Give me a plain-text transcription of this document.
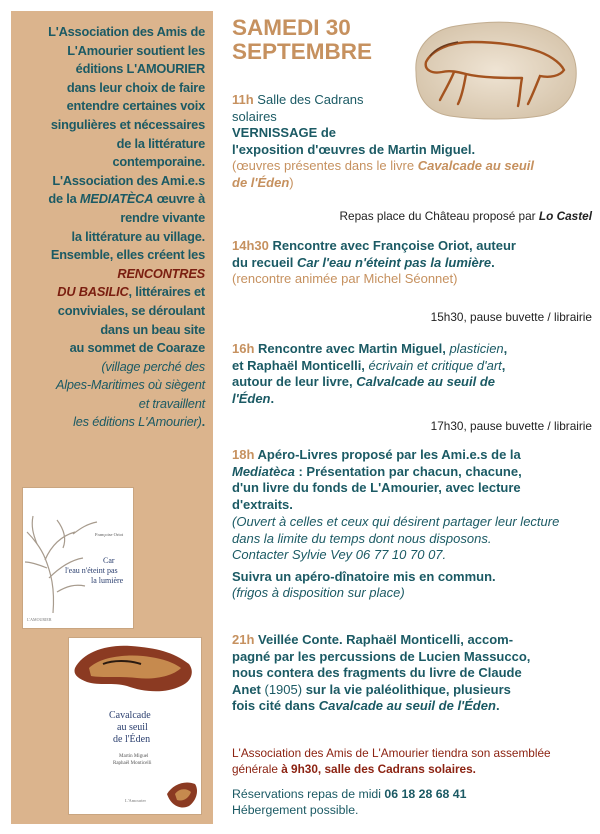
L'Association des Amis de
L'Amourier soutient les
éditions L'AMOURIER
dans leur choix de faire
entendre certaines voix
singulières et nécessaires
de la littérature
contemporaine.
L'Association des Ami.e.s
de la MEDIATÈCA œuvre à
rendre vivante
la littérature au village.
Ensemble, elles créent les
RENCONTRES
DU BASILIC, littéraires et
conviviales, se déroulant
dans un beau site
au sommet de Coaraze
(village perché des
Alpes-Maritimes où siègent
et travaillent
les éditions L'Amourier).
Françoise Oriot
Car
l'eau n'éteint pas
la lumière
L'AMOURIER
Cavalcade
au seuil
de l'Éden
Martin Miguel
Raphaël Monticelli
L'Amourier
SAMEDI 30
SEPTEMBRE
11h Salle des Cadrans
solaires
VERNISSAGE de
l'exposition d'œuvres de Martin Miguel.
(œuvres présentes dans le livre Cavalcade au seuil
de l'Éden)
Repas place du Château proposé par Lo Castel
14h30 Rencontre avec Françoise Oriot, auteur
du recueil Car l'eau n'éteint pas la lumière.
(rencontre animée par Michel Séonnet)
15h30, pause buvette / librairie
16h Rencontre avec Martin Miguel, plasticien,
et Raphaël Monticelli, écrivain et critique d'art,
autour de leur livre, Calvalcade au seuil de
l'Éden.
17h30, pause buvette / librairie
18h Apéro-Livres proposé par les Ami.e.s de la
Mediatèca : Présentation par chacun, chacune,
d'un livre du fonds de L'Amourier, avec lecture
d'extraits.
(Ouvert à celles et ceux qui désirent partager leur lecture
dans la limite du temps dont nous disposons.
Contacter Sylvie Vey 06 77 10 70 07.
Suivra un apéro-dînatoire mis en commun.
(frigos à disposition sur place)
21h Veillée Conte. Raphaël Monticelli, accom-
pagné par les percussions de Lucien Massucco,
nous contera des fragments du livre de Claude
Anet (1905) sur la vie paléolithique, plusieurs
fois cité dans Cavalcade au seuil de l'Éden.
L'Association des Amis de L'Amourier tiendra son assemblée
générale à 9h30, salle des Cadrans solaires.
Réservations repas de midi 06 18 28 68 41
Hébergement possible.
